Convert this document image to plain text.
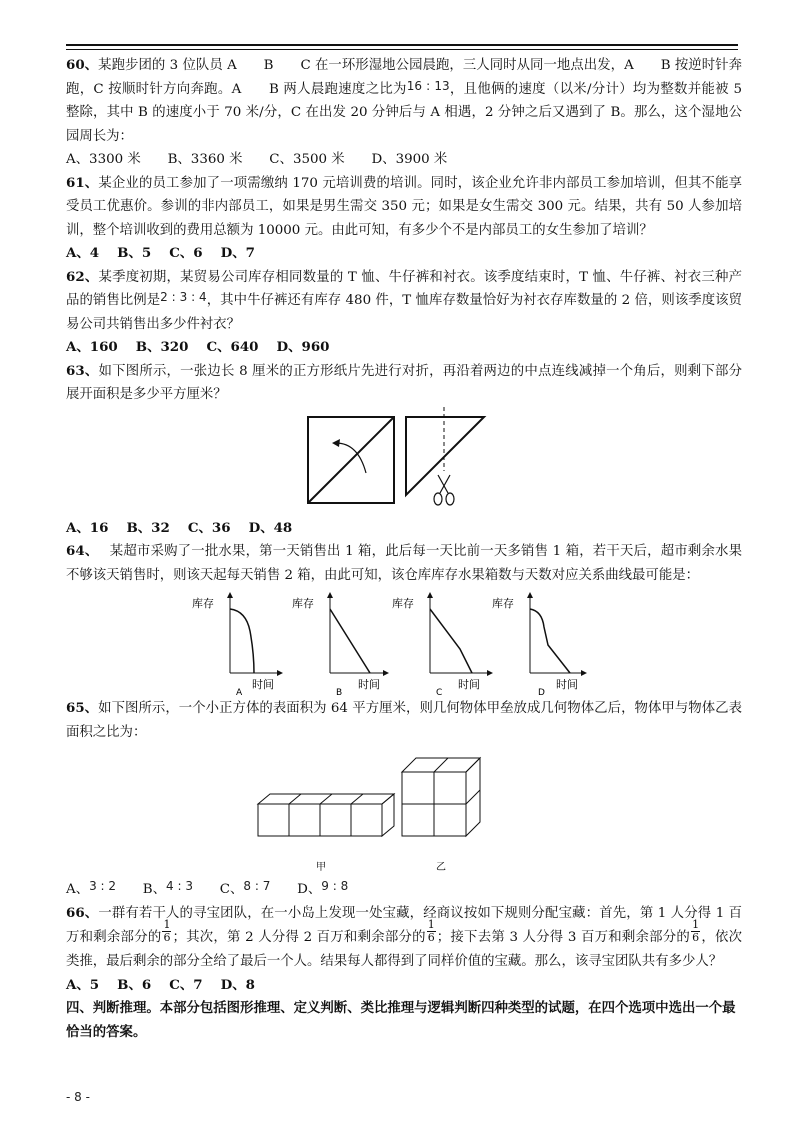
60、某跑步团的 3 位队员 A　　B　　C 在一环形湿地公园晨跑，三人同时从同一地点出发，A　　B 按逆时针奔跑，C 按顺时针方向奔跑。A　　B 两人晨跑速度之比为16 : 13，且他俩的速度（以米/分计）均为整数并能被 5 整除，其中 B 的速度小于 70 米/分，C 在出发 20 分钟后与 A 相遇，2 分钟之后又遇到了 B。那么，这个湿地公园周长为：

A、3300 米　　B、3360 米　　C、3500 米　　D、3900 米

61、某企业的员工参加了一项需缴纳 170 元培训费的培训。同时，该企业允许非内部员工参加培训，但其不能享受员工优惠价。参训的非内部员工，如果是男生需交 350 元；如果是女生需交 300 元。结果，共有 50 人参加培训，整个培训收到的费用总额为 10000 元。由此可知，有多少个不是内部员工的女生参加了培训？

A、4　 B、5　 C、6　 D、7

62、某季度初期，某贸易公司库存相同数量的 T 恤、牛仔裤和衬衣。该季度结束时，T 恤、牛仔裤、衬衣三种产品的销售比例是2 : 3 : 4，其中牛仔裤还有库存 480 件，T 恤库存数量恰好为衬衣存库数量的 2 倍，则该季度该贸易公司共销售出多少件衬衣？

A、160　 B、320　 C、640　 D、960

63、如下图所示，一张边长 8 厘米的正方形纸片先进行对折，再沿着两边的中点连线减掉一个角后，则剩下部分展开面积是多少平方厘米？

A、16　 B、32　 C、36　 D、48

64、　 某超市采购了一批水果，第一天销售出 1 箱，此后每一天比前一天多销售 1 箱，若干天后，超市剩余水果不够该天销售时，则该天起每天销售 2 箱，由此可知，该仓库库存水果箱数与天数对应关系曲线最可能是：

库存
时间
A
库存
时间
B
库存
时间
C
库存
时间
D

65、如下图所示，一个小正方体的表面积为 64 平方厘米，则几何物体甲垒放成几何物体乙后，物体甲与物体乙表面积之比为：

甲	乙

A、3 : 2　　 B、4 : 3　　 C、8 : 7　　 D、9 : 8

66、一群有若干人的寻宝团队，在一小岛上发现一处宝藏，经商议按如下规则分配宝藏：首先，第 1 人分得 1 百万和剩余部分的 $\frac{1}{6}$ ；其次，第 2 人分得 2 百万和剩余部分的 $\frac{1}{6}$ ；接下去第 3 人分得 3 百万和剩余部分的 $\frac{1}{6}$ ，依次类推，最后剩余的部分全给了最后一个人。结果每人都得到了同样价值的宝藏。那么，该寻宝团队共有多少人？

A、5　 B、6　 C、7　 D、8

四、判断推理。本部分包括图形推理、定义判断、类比推理与逻辑判断四种类型的试题，在四个选项中选出一个最恰当的答案。

- 8 -
